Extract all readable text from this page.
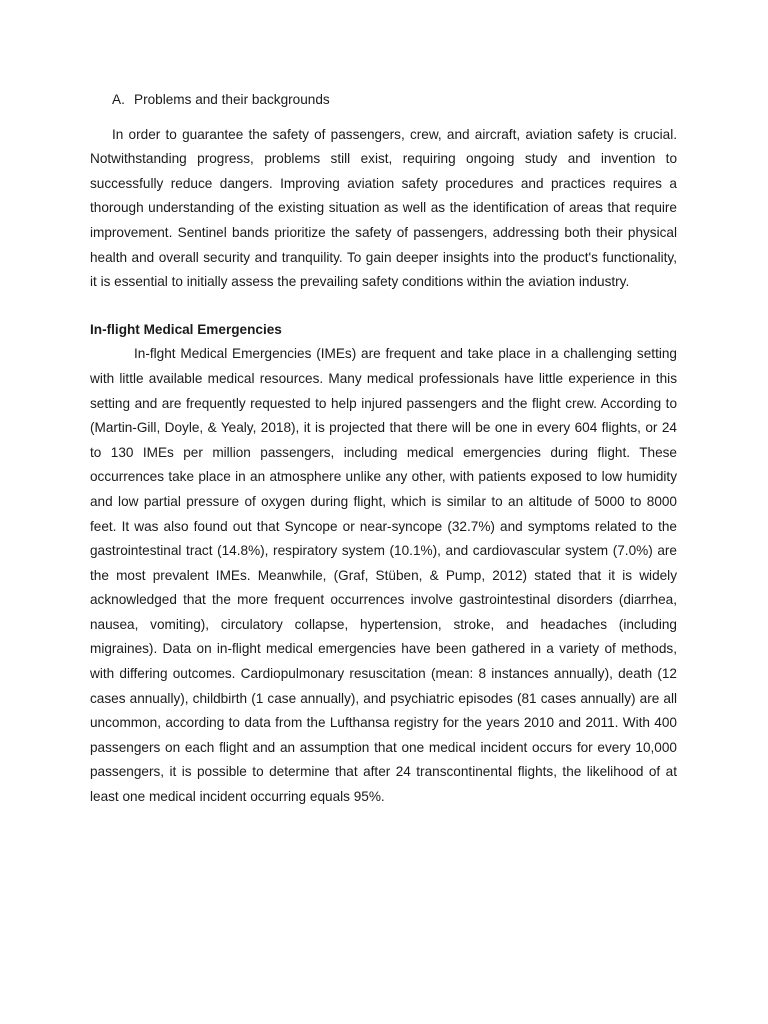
A. Problems and their backgrounds

In order to guarantee the safety of passengers, crew, and aircraft, aviation safety is crucial. Notwithstanding progress, problems still exist, requiring ongoing study and invention to successfully reduce dangers. Improving aviation safety procedures and practices requires a thorough understanding of the existing situation as well as the identification of areas that require improvement. Sentinel bands prioritize the safety of passengers, addressing both their physical health and overall security and tranquility. To gain deeper insights into the product's functionality, it is essential to initially assess the prevailing safety conditions within the aviation industry.

In-flight Medical Emergencies

In-flght Medical Emergencies (IMEs) are frequent and take place in a challenging setting with little available medical resources. Many medical professionals have little experience in this setting and are frequently requested to help injured passengers and the flight crew. According to (Martin-Gill, Doyle, & Yealy, 2018), it is projected that there will be one in every 604 flights, or 24 to 130 IMEs per million passengers, including medical emergencies during flight. These occurrences take place in an atmosphere unlike any other, with patients exposed to low humidity and low partial pressure of oxygen during flight, which is similar to an altitude of 5000 to 8000 feet. It was also found out that Syncope or near-syncope (32.7%) and symptoms related to the gastrointestinal tract (14.8%), respiratory system (10.1%), and cardiovascular system (7.0%) are the most prevalent IMEs. Meanwhile, (Graf, Stüben, & Pump, 2012) stated that it is widely acknowledged that the more frequent occurrences involve gastrointestinal disorders (diarrhea, nausea, vomiting), circulatory collapse, hypertension, stroke, and headaches (including migraines). Data on in-flight medical emergencies have been gathered in a variety of methods, with differing outcomes. Cardiopulmonary resuscitation (mean: 8 instances annually), death (12 cases annually), childbirth (1 case annually), and psychiatric episodes (81 cases annually) are all uncommon, according to data from the Lufthansa registry for the years 2010 and 2011. With 400 passengers on each flight and an assumption that one medical incident occurs for every 10,000 passengers, it is possible to determine that after 24 transcontinental flights, the likelihood of at least one medical incident occurring equals 95%.
